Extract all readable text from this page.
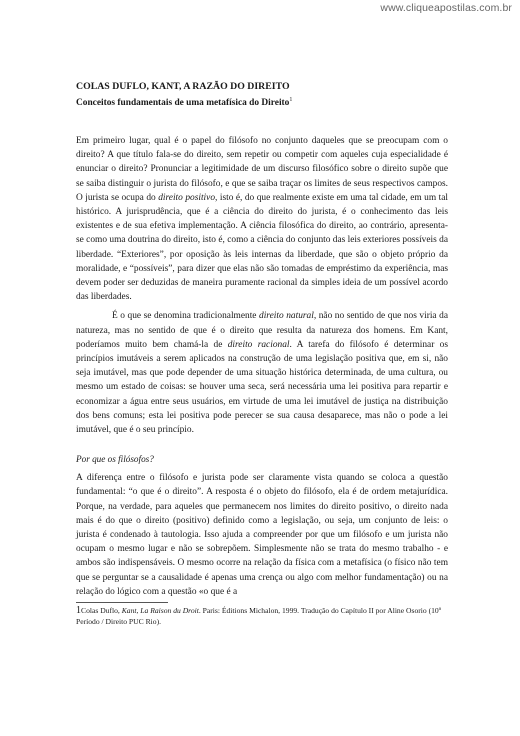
www.cliqueapostilas.com.br
COLAS DUFLO, KANT, A RAZÃO DO DIREITO
Conceitos fundamentais de uma metafísica do Direito$^1$

Em primeiro lugar, qual é o papel do filósofo no conjunto daqueles que se preocupam com o direito? A que título fala-se do direito, sem repetir ou competir com aqueles cuja especialidade é enunciar o direito? Pronunciar a legitimidade de um discurso filosófico sobre o direito supõe que se saiba distinguir o jurista do filósofo, e que se saiba traçar os limites de seus respectivos campos. O jurista se ocupa do direito positivo, isto é, do que realmente existe em uma tal cidade, em um tal histórico. A jurisprudência, que é a ciência do direito do jurista, é o conhecimento das leis existentes e de sua efetiva implementação. A ciência filosófica do direito, ao contrário, apresenta-se como uma doutrina do direito, isto é, como a ciência do conjunto das leis exteriores possíveis da liberdade. “Exteriores”, por oposição às leis internas da liberdade, que são o objeto próprio da moralidade, e “possíveis”, para dizer que elas não são tomadas de empréstimo da experiência, mas devem poder ser deduzidas de maneira puramente racional da simples ideia de um possível acordo das liberdades.

É o que se denomina tradicionalmente direito natural, não no sentido de que nos viria da natureza, mas no sentido de que é o direito que resulta da natureza dos homens. Em Kant, poderíamos muito bem chamá-la de direito racional. A tarefa do filósofo é determinar os princípios imutáveis a serem aplicados na construção de uma legislação positiva que, em si, não seja imutável, mas que pode depender de uma situação histórica determinada, de uma cultura, ou mesmo um estado de coisas: se houver uma seca, será necessária uma lei positiva para repartir e economizar a água entre seus usuários, em virtude de uma lei imutável de justiça na distribuição dos bens comuns; esta lei positiva pode perecer se sua causa desaparece, mas não o pode a lei imutável, que é o seu princípio.

Por que os filósofos?

A diferença entre o filósofo e jurista pode ser claramente vista quando se coloca a questão fundamental: “o que é o direito”. A resposta é o objeto do filósofo, ela é de ordem metajurídica. Porque, na verdade, para aqueles que permanecem nos limites do direito positivo, o direito nada mais é do que o direito (positivo) definido como a legislação, ou seja, um conjunto de leis: o jurista é condenado à tautologia. Isso ajuda a compreender por que um filósofo e um jurista não ocupam o mesmo lugar e não se sobrepõem. Simplesmente não se trata do mesmo trabalho - e ambos são indispensáveis. O mesmo ocorre na relação da física com a metafísica (o físico não tem que se perguntar se a causalidade é apenas uma crença ou algo com melhor fundamentação) ou na relação do lógico com a questão «o que é a

1Colas Duflo, Kant, La Raison du Droit. Paris: Éditions Michalon, 1999. Tradução do Capítulo II por Aline Osorio (10º Período / Direito PUC Rio).
